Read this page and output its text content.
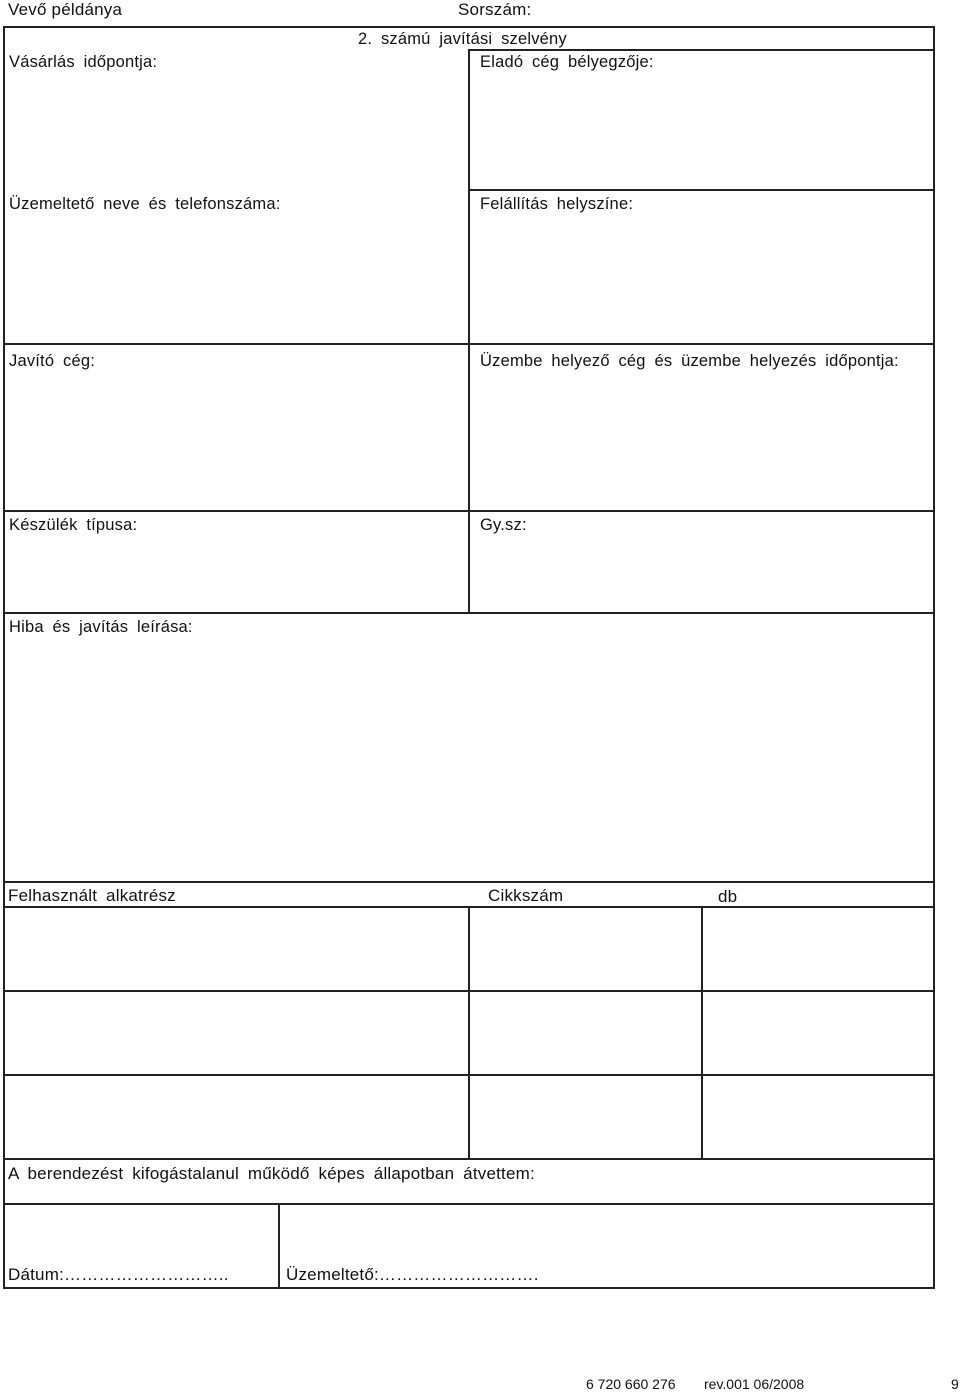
Vevő példánya	Sorszám:
2. számú javítási szelvény
Vásárlás időpontja:	Eladó cég bélyegzője:
Üzemeltető neve és telefonszáma:	Felállítás helyszíne:
Javító cég:	Üzembe helyező cég és üzembe helyezés időpontja:
Készülék típusa:	Gy.sz:
Hiba és javítás leírása:
Felhasznált alkatrész	Cikkszám	db
A berendezést kifogástalanul működő képes állapotban átvettem:
Dátum:………………………..	Üzemeltető:……………………….
6 720 660 276 rev.001 06/2008	9
